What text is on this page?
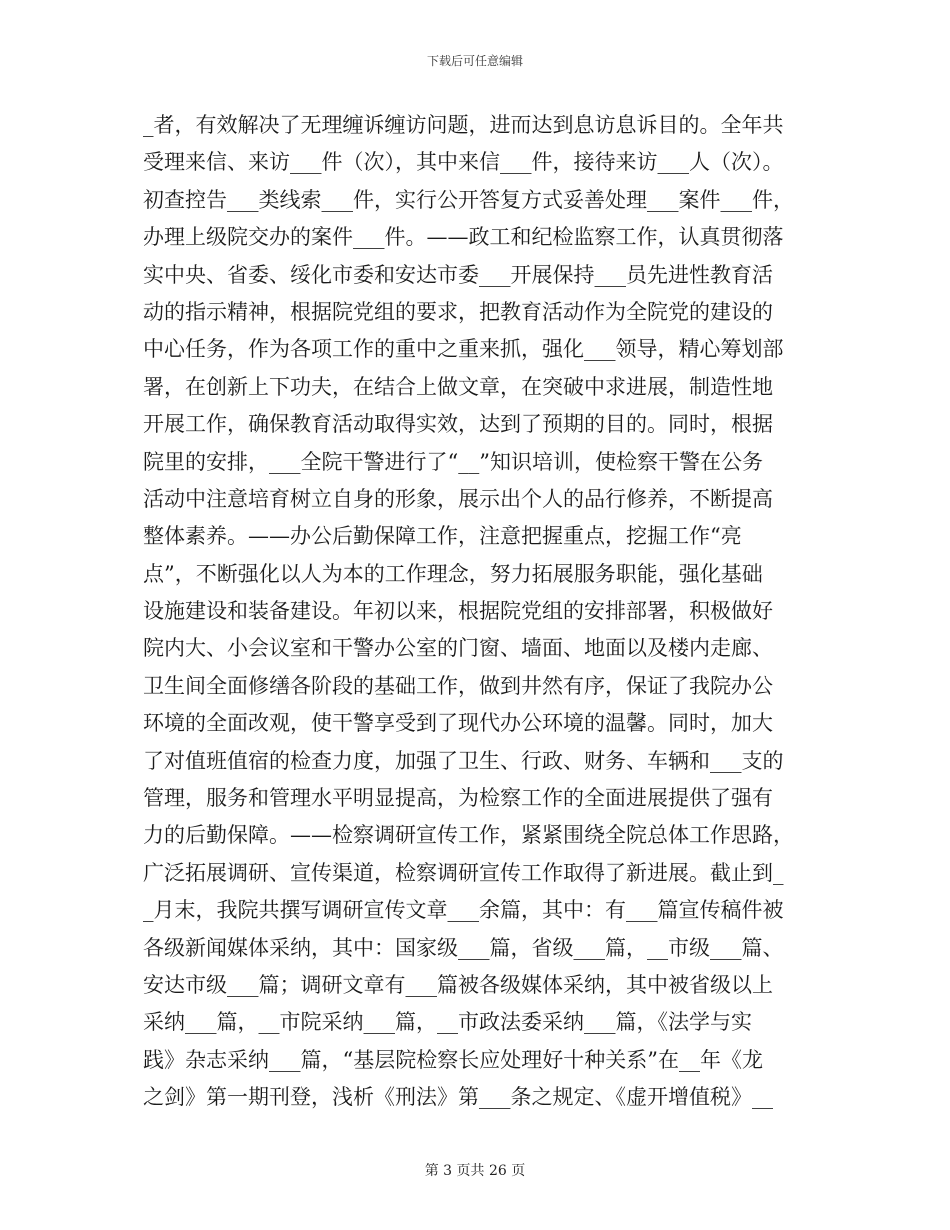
下载后可任意编辑
_者，有效解决了无理缠诉缠访问题，进而达到息访息诉目的。全年共
受理来信、来访___件（次），其中来信___件，接待来访___人（次）。
初查控告___类线索___件，实行公开答复方式妥善处理___案件___件，
办理上级院交办的案件___件。——政工和纪检监察工作，认真贯彻落
实中央、省委、绥化市委和安达市委___开展保持___员先进性教育活
动的指示精神，根据院党组的要求，把教育活动作为全院党的建设的
中心任务，作为各项工作的重中之重来抓，强化___领导，精心筹划部
署，在创新上下功夫，在结合上做文章，在突破中求进展，制造性地
开展工作，确保教育活动取得实效，达到了预期的目的。同时，根据
院里的安排，___全院干警进行了“__”知识培训，使检察干警在公务
活动中注意培育树立自身的形象，展示出个人的品行修养，不断提高
整体素养。——办公后勤保障工作，注意把握重点，挖掘工作“亮
点”，不断强化以人为本的工作理念，努力拓展服务职能，强化基础
设施建设和装备建设。年初以来，根据院党组的安排部署，积极做好
院内大、小会议室和干警办公室的门窗、墙面、地面以及楼内走廊、
卫生间全面修缮各阶段的基础工作，做到井然有序，保证了我院办公
环境的全面改观，使干警享受到了现代办公环境的温馨。同时，加大
了对值班值宿的检查力度，加强了卫生、行政、财务、车辆和___支的
管理，服务和管理水平明显提高，为检察工作的全面进展提供了强有
力的后勤保障。——检察调研宣传工作，紧紧围绕全院总体工作思路，
广泛拓展调研、宣传渠道，检察调研宣传工作取得了新进展。截止到_
_月末，我院共撰写调研宣传文章___余篇，其中：有___篇宣传稿件被
各级新闻媒体采纳，其中：国家级___篇，省级___篇，__市级___篇、
安达市级___篇；调研文章有___篇被各级媒体采纳，其中被省级以上
采纳___篇，__市院采纳___篇，__市政法委采纳___篇，《法学与实
践》杂志采纳___篇，“基层院检察长应处理好十种关系”在__年《龙
之剑》第一期刊登，浅析《刑法》第___条之规定、《虚开增值税》__
第 3 页共 26 页
